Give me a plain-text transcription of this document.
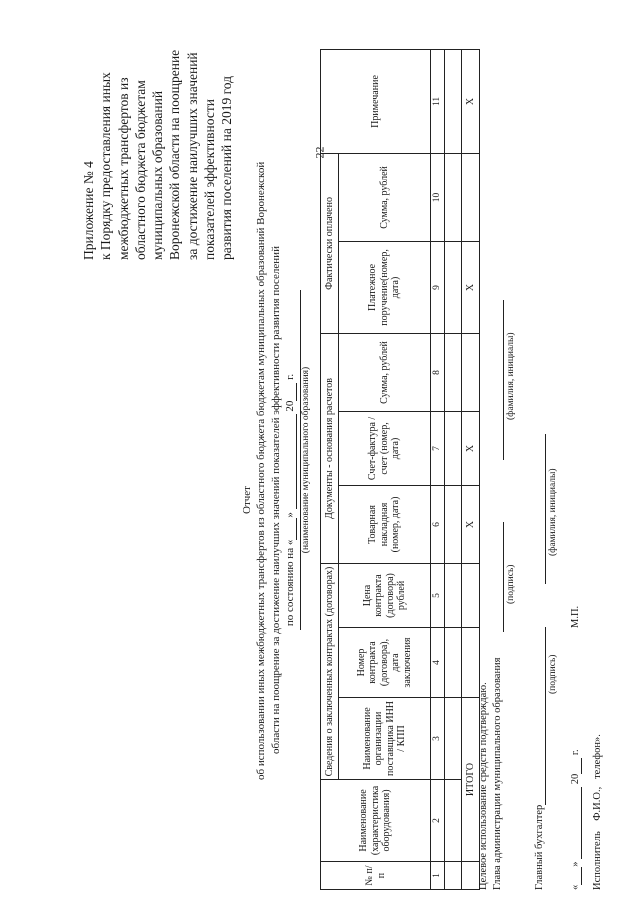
22
Приложение № 4 к Порядку предоставления иных межбюджетных трансфертов из областного бюджета бюджетам муниципальных образований Воронежской области на поощрение за достижение наилучших значений показателей эффективности развития поселений на 2019 год
Отчет об использовании иных межбюджетных трансфертов из областного бюджета бюджетам муниципальных образований Воронежской области на поощрение за достижение наилучших значений показателей эффективности развития поселений по состоянию на «»  20 г. (наименование муниципального образования)
№ п/п	Наименование (характеристика оборудования)	Сведения о заключенных контрактах (договорах)			Документы - основания расчетов			Фактически оплачено		Примечание
		Наименование организации поставщика ИНН / КПП	Номер контракта (договора), дата заключения	Цена контракта (договора) рублей	Товарная накладная (номер, дата)	Счет-фактура / счет (номер, дата)	Сумма, рублей	Платежное поручение(номер, дата)	Сумма, рублей	
1	2	3	4	5	6	7	8	9	10	11

	ИТОГО				Х	Х		Х		Х
Целевое использование средств подтверждаю. Глава администрации муниципального образования
(подпись)
(фамилия, инициалы)
Главный бухгалтер
(подпись)
(фамилия, инициалы)
«»  20 г.
М.П.
Исполнитель    Ф.И.О.,   телефон».
